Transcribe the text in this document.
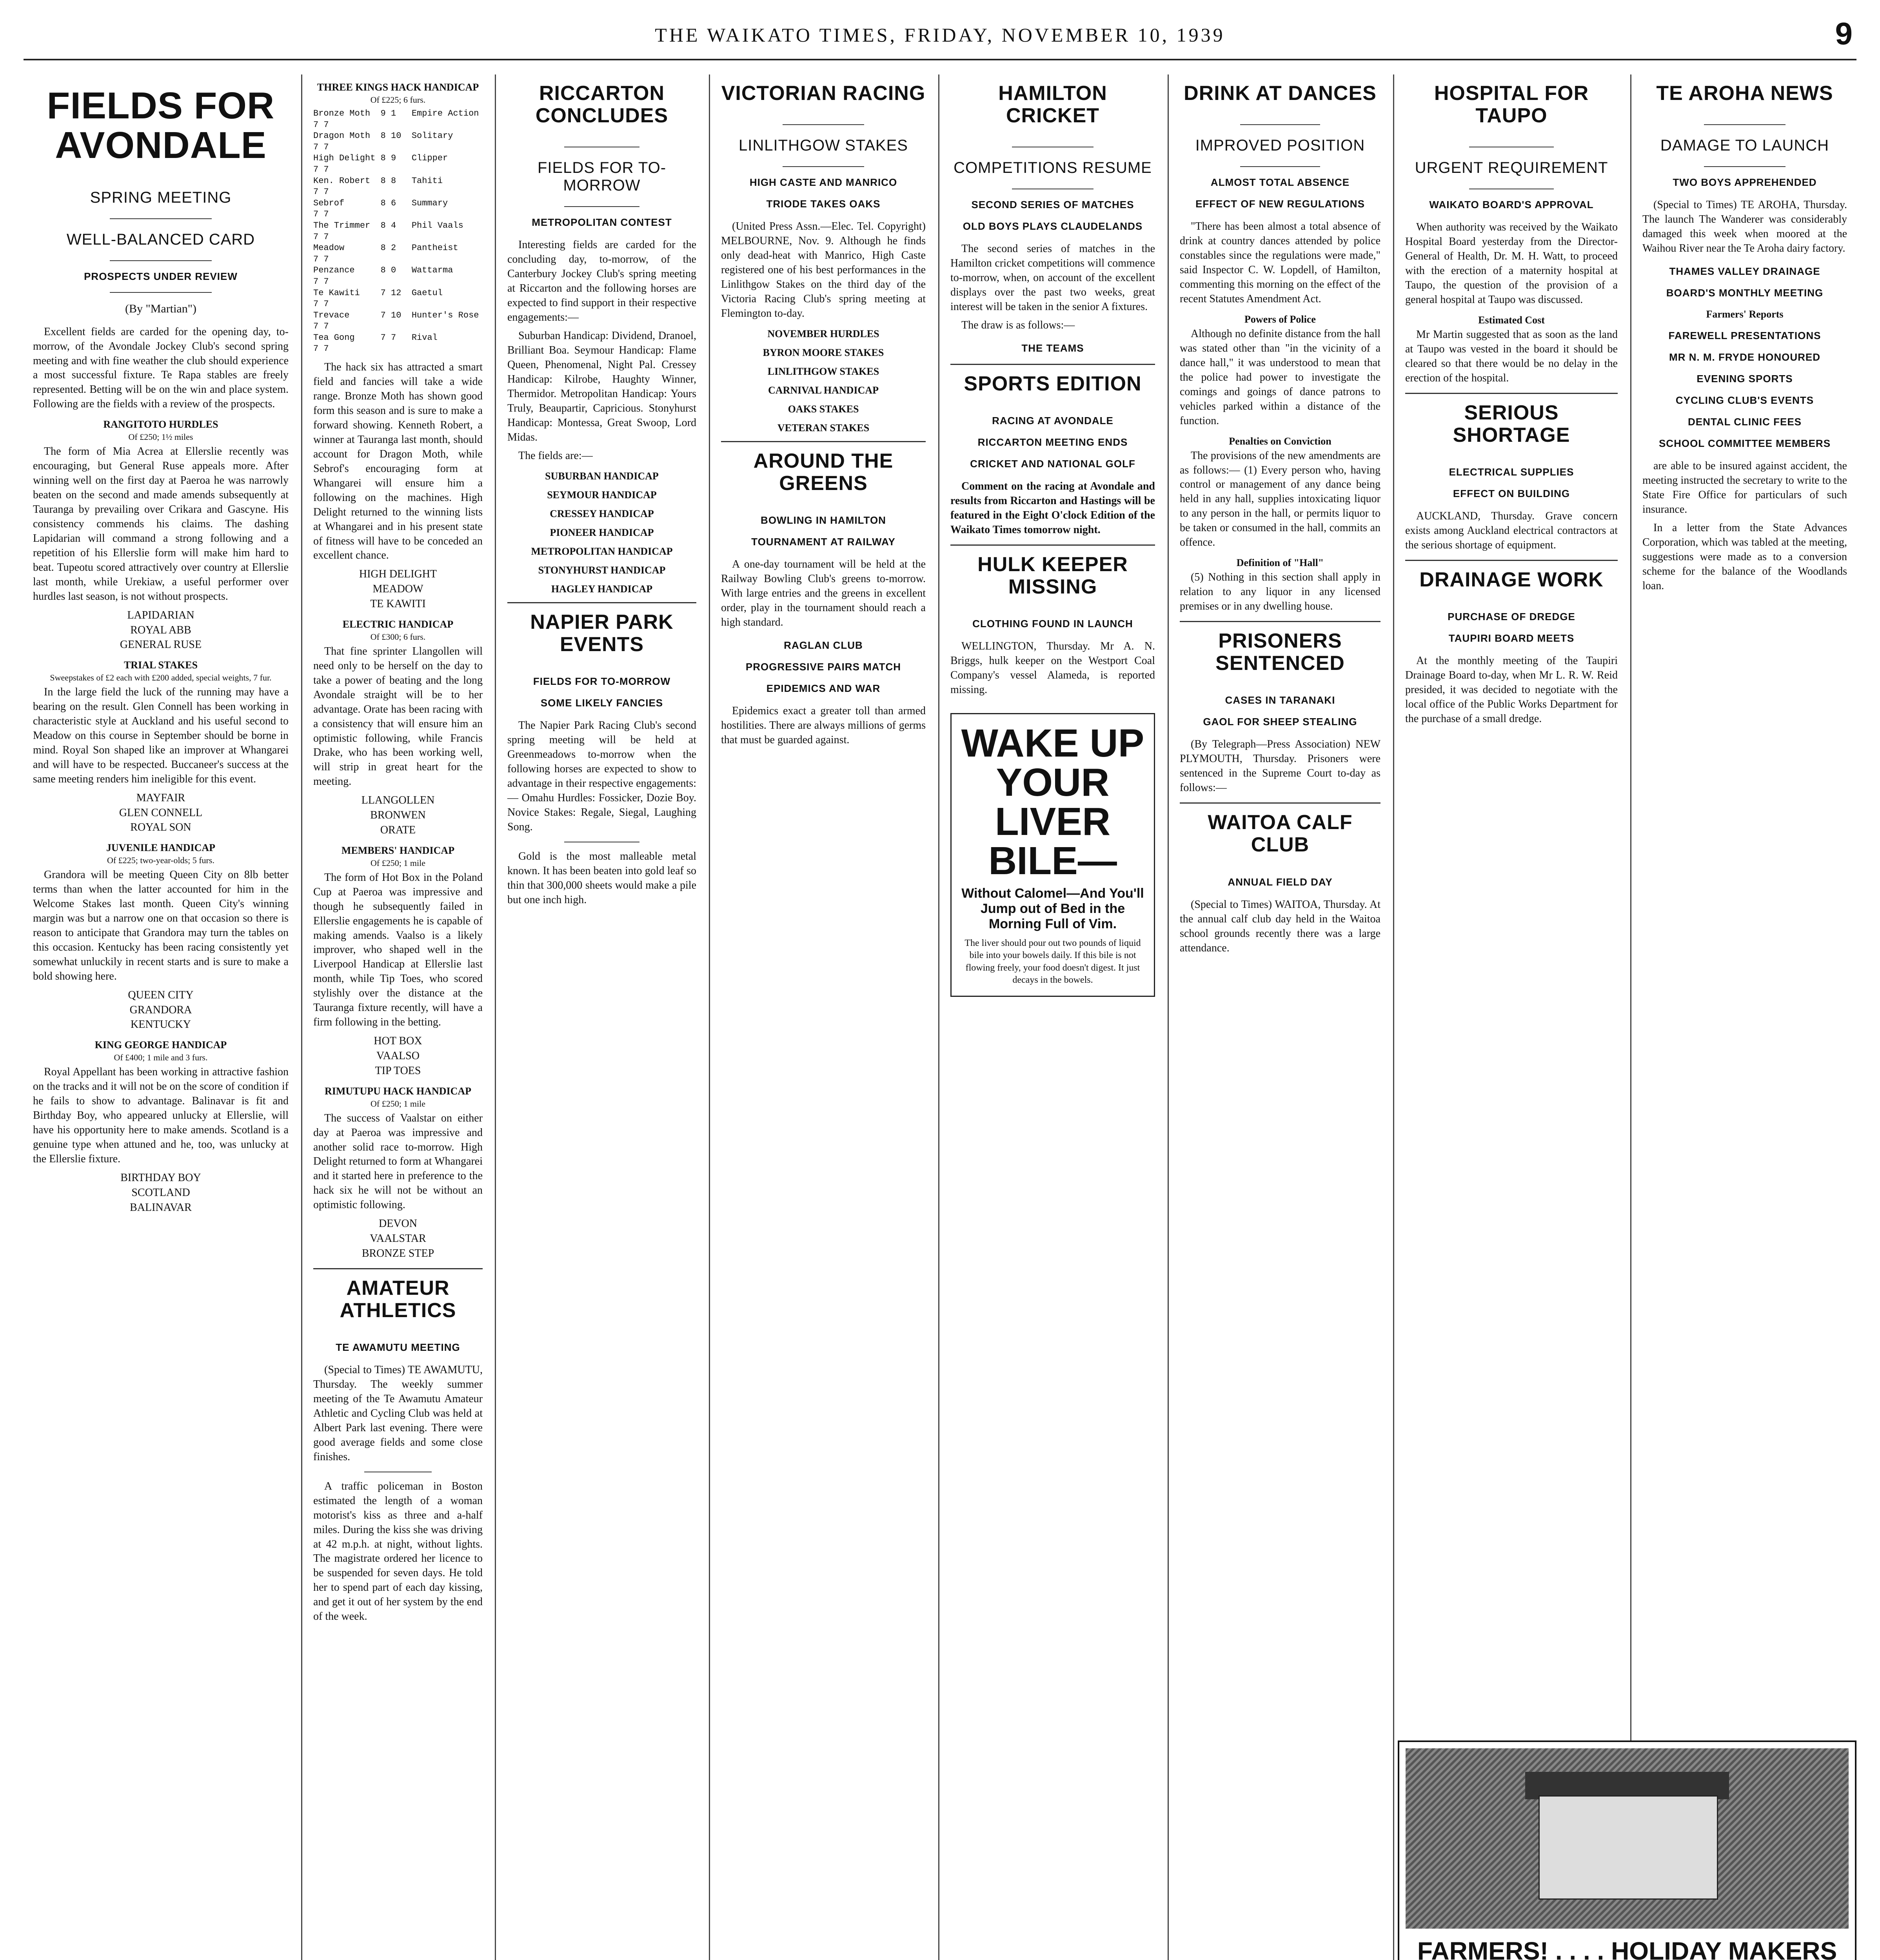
THE WAIKATO TIMES, FRIDAY, NOVEMBER 10, 1939	9
FIELDS FOR AVONDALE
SPRING MEETING
WELL-BALANCED CARD
PROSPECTS UNDER REVIEW
(By "Martian")

Excellent fields are carded for the opening day, to-morrow, of the Avondale Jockey Club's second spring meeting and with fine weather the club should experience a most successful fixture. Te Rapa stables are freely represented. Betting will be on the win and place system. Following are the fields with a review of the prospects.

RANGITOTO HURDLES
Of £250; 1½ miles

The form of Mia Acrea at Ellerslie recently was encouraging, but General Ruse appeals more. After winning well on the first day at Paeroa he was narrowly beaten on the second and made amends subsequently at Tauranga by prevailing over Crikara and Gascyne. His consistency commends his claims. The dashing Lapidarian will command a strong following and a repetition of his Ellerslie form will make him hard to beat. Tupeotu scored attractively over country at Ellerslie last month, while Urekiaw, a useful performer over hurdles last season, is not without prospects.

LAPIDARIAN
ROYAL ABB
GENERAL RUSE
TRIAL STAKES
Sweepstakes of £2 each with £200 added, special weights, 7 fur.

In the large field the luck of the running may have a bearing on the result. Glen Connell has been working in characteristic style at Auckland and his useful second to Meadow on this course in September should be borne in mind. Royal Son shaped like an improver at Whangarei and will have to be respected. Buccaneer's success at the same meeting renders him ineligible for this event.

MAYFAIR
GLEN CONNELL
ROYAL SON
JUVENILE HANDICAP
Of £225; two-year-olds; 5 furs.

Grandora will be meeting Queen City on 8lb better terms than when the latter accounted for him in the Welcome Stakes last month. Queen City's winning margin was but a narrow one on that occasion so there is reason to anticipate that Grandora may turn the tables on this occasion. Kentucky has been racing consistently yet somewhat unluckily in recent starts and is sure to make a bold showing here.

QUEEN CITY
GRANDORA
KENTUCKY
KING GEORGE HANDICAP
Of £400; 1 mile and 3 furs.

Royal Appellant has been working in attractive fashion on the tracks and it will not be on the score of condition if he fails to show to advantage. Balinavar is fit and Birthday Boy, who appeared unlucky at Ellerslie, will have his opportunity here to make amends. Scotland is a genuine type when attuned and he, too, was unlucky at the Ellerslie fixture.

BIRTHDAY BOY
SCOTLAND
BALINAVAR
THREE KINGS HACK HANDICAP
Of £225; 6 furs.
Bronze Moth  9 1   Empire Action 7 7
Dragon Moth  8 10  Solitary      7 7
High Delight 8 9   Clipper       7 7
Ken. Robert  8 8   Tahiti        7 7
Sebrof       8 6   Summary       7 7
The Trimmer  8 4   Phil Vaals    7 7
Meadow       8 2   Pantheist     7 7
Penzance     8 0   Wattarma      7 7
Te Kawiti    7 12  Gaetul        7 7
Trevace      7 10  Hunter's Rose 7 7
Tea Gong     7 7   Rival         7 7

The hack six has attracted a smart field and fancies will take a wide range. Bronze Moth has shown good form this season and is sure to make a forward showing. Kenneth Robert, a winner at Tauranga last month, should account for Dragon Moth, while Sebrof's encouraging form at Whangarei will ensure him a following on the machines. High Delight returned to the winning lists at Whangarei and in his present state of fitness will have to be conceded an excellent chance.

HIGH DELIGHT
MEADOW
TE KAWITI
ELECTRIC HANDICAP
Of £300; 6 furs.

That fine sprinter Llangollen will need only to be herself on the day to take a power of beating and the long Avondale straight will be to her advantage. Orate has been racing with a consistency that will ensure him an optimistic following, while Francis Drake, who has been working well, will strip in great heart for the meeting.

LLANGOLLEN
BRONWEN
ORATE
MEMBERS' HANDICAP
Of £250; 1 mile

The form of Hot Box in the Poland Cup at Paeroa was impressive and though he subsequently failed in Ellerslie engagements he is capable of making amends. Vaalso is a likely improver, who shaped well in the Liverpool Handicap at Ellerslie last month, while Tip Toes, who scored stylishly over the distance at the Tauranga fixture recently, will have a firm following in the betting.

HOT BOX
VAALSO
TIP TOES
RIMUTUPU HACK HANDICAP
Of £250; 1 mile

The success of Vaalstar on either day at Paeroa was impressive and another solid race to-morrow. High Delight returned to form at Whangarei and it started here in preference to the hack six he will not be without an optimistic following.

DEVON
VAALSTAR
BRONZE STEP
AMATEUR ATHLETICS
TE AWAMUTU MEETING

(Special to Times) TE AWAMUTU, Thursday. The weekly summer meeting of the Te Awamutu Amateur Athletic and Cycling Club was held at Albert Park last evening. There were good average fields and some close finishes.

A traffic policeman in Boston estimated the length of a woman motorist's kiss as three and a-half miles. During the kiss she was driving at 42 m.p.h. at night, without lights. The magistrate ordered her licence to be suspended for seven days. He told her to spend part of each day kissing, and get it out of her system by the end of the week.

RICCARTON CONCLUDES
FIELDS FOR TO-MORROW
METROPOLITAN CONTEST

Interesting fields are carded for the concluding day, to-morrow, of the Canterbury Jockey Club's spring meeting at Riccarton and the following horses are expected to find support in their respective engagements:—

Suburban Handicap: Dividend, Dranoel, Brilliant Boa. Seymour Handicap: Flame Queen, Phenomenal, Night Pal. Cressey Handicap: Kilrobe, Haughty Winner, Thermidor. Metropolitan Handicap: Yours Truly, Beaupartir, Capricious. Stonyhurst Handicap: Montessa, Great Swoop, Lord Midas.

The fields are:—

SUBURBAN HANDICAP
SEYMOUR HANDICAP
CRESSEY HANDICAP
PIONEER HANDICAP
METROPOLITAN HANDICAP
STONYHURST HANDICAP
HAGLEY HANDICAP
NAPIER PARK EVENTS
FIELDS FOR TO-MORROW
SOME LIKELY FANCIES

The Napier Park Racing Club's second spring meeting will be held at Greenmeadows to-morrow when the following horses are expected to show to advantage in their respective engagements:— Omahu Hurdles: Fossicker, Dozie Boy. Novice Stakes: Regale, Siegal, Laughing Song.

Gold is the most malleable metal known. It has been beaten into gold leaf so thin that 300,000 sheets would make a pile but one inch high.

VICTORIAN RACING
LINLITHGOW STAKES
HIGH CASTE AND MANRICO
TRIODE TAKES OAKS

(United Press Assn.—Elec. Tel. Copyright) MELBOURNE, Nov. 9. Although he finds only dead-heat with Manrico, High Caste registered one of his best performances in the Linlithgow Stakes on the third day of the Victoria Racing Club's spring meeting at Flemington to-day.

NOVEMBER HURDLES
BYRON MOORE STAKES
LINLITHGOW STAKES
CARNIVAL HANDICAP
OAKS STAKES
VETERAN STAKES
AROUND THE GREENS
BOWLING IN HAMILTON
TOURNAMENT AT RAILWAY

A one-day tournament will be held at the Railway Bowling Club's greens to-morrow. With large entries and the greens in excellent order, play in the tournament should reach a high standard.

RAGLAN CLUB
PROGRESSIVE PAIRS MATCH
EPIDEMICS AND WAR

Epidemics exact a greater toll than armed hostilities. There are always millions of germs that must be guarded against.

HAMILTON CRICKET
COMPETITIONS RESUME
SECOND SERIES OF MATCHES
OLD BOYS PLAYS CLAUDELANDS

The second series of matches in the Hamilton cricket competitions will commence to-morrow, when, on account of the excellent displays over the past two weeks, great interest will be taken in the senior A fixtures.

The draw is as follows:—

THE TEAMS
SPORTS EDITION
RACING AT AVONDALE
RICCARTON MEETING ENDS
CRICKET AND NATIONAL GOLF

Comment on the racing at Avondale and results from Riccarton and Hastings will be featured in the Eight O'clock Edition of the Waikato Times tomorrow night.

HULK KEEPER MISSING
CLOTHING FOUND IN LAUNCH

WELLINGTON, Thursday. Mr A. N. Briggs, hulk keeper on the Westport Coal Company's vessel Alameda, is reported missing.

WAKE UP YOUR LIVER BILE—
Without Calomel—And You'll Jump out of Bed in the Morning Full of Vim.
The liver should pour out two pounds of liquid bile into your bowels daily. If this bile is not flowing freely, your food doesn't digest. It just decays in the bowels.
DRINK AT DANCES
IMPROVED POSITION
ALMOST TOTAL ABSENCE
EFFECT OF NEW REGULATIONS

"There has been almost a total absence of drink at country dances attended by police constables since the regulations were made," said Inspector C. W. Lopdell, of Hamilton, commenting this morning on the effect of the recent Statutes Amendment Act.

Powers of Police

Although no definite distance from the hall was stated other than "in the vicinity of a dance hall," it was understood to mean that the police had power to investigate the comings and goings of dance patrons to vehicles parked within a distance of the function.

Penalties on Conviction

The provisions of the new amendments are as follows:— (1) Every person who, having control or management of any dance being held in any hall, supplies intoxicating liquor to any person in the hall, or permits liquor to be taken or consumed in the hall, commits an offence.

Definition of "Hall"

(5) Nothing in this section shall apply in relation to any liquor in any licensed premises or in any dwelling house.

PRISONERS SENTENCED
CASES IN TARANAKI
GAOL FOR SHEEP STEALING

(By Telegraph—Press Association) NEW PLYMOUTH, Thursday. Prisoners were sentenced in the Supreme Court to-day as follows:—

WAITOA CALF CLUB
ANNUAL FIELD DAY

(Special to Times) WAITOA, Thursday. At the annual calf club day held in the Waitoa school grounds recently there was a large attendance.

HOSPITAL FOR TAUPO
URGENT REQUIREMENT
WAIKATO BOARD'S APPROVAL

When authority was received by the Waikato Hospital Board yesterday from the Director-General of Health, Dr. M. H. Watt, to proceed with the erection of a maternity hospital at Taupo, the question of the provision of a general hospital at Taupo was discussed.

Estimated Cost

Mr Martin suggested that as soon as the land at Taupo was vested in the board it should be cleared so that there would be no delay in the erection of the hospital.

SERIOUS SHORTAGE
ELECTRICAL SUPPLIES
EFFECT ON BUILDING

AUCKLAND, Thursday. Grave concern exists among Auckland electrical contractors at the serious shortage of equipment.

DRAINAGE WORK
PURCHASE OF DREDGE
TAUPIRI BOARD MEETS

At the monthly meeting of the Taupiri Drainage Board to-day, when Mr L. R. W. Reid presided, it was decided to negotiate with the local office of the Public Works Department for the purchase of a small dredge.

TE AROHA NEWS
DAMAGE TO LAUNCH
TWO BOYS APPREHENDED

(Special to Times) TE AROHA, Thursday. The launch The Wanderer was considerably damaged this week when moored at the Waihou River near the Te Aroha dairy factory.

THAMES VALLEY DRAINAGE
BOARD'S MONTHLY MEETING
Farmers' Reports
FAREWELL PRESENTATIONS
MR N. M. FRYDE HONOURED
EVENING SPORTS
CYCLING CLUB'S EVENTS
DENTAL CLINIC FEES
SCHOOL COMMITTEE MEMBERS

are able to be insured against accident, the meeting instructed the secretary to write to the State Fire Office for particulars of such insurance.

In a letter from the State Advances Corporation, which was tabled at the meeting, suggestions were made as to a conversion scheme for the balance of the Woodlands loan.

FARMERS! . . . . HOLIDAY MAKERS
